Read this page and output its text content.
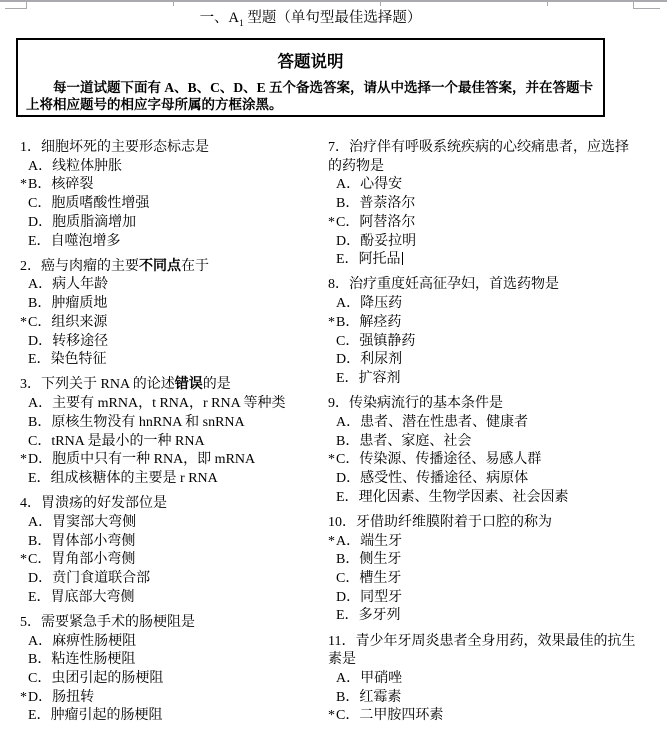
一、$A_1$ 型题（单句型最佳选择题）
答题说明
每一道试题下面有 A、B、C、D、E 五个备选答案，请从中选择一个最佳答案，并在答题卡上将相应题号的相应字母所属的方框涂黑。
1．细胞坏死的主要形态标志是
A．线粒体肿胀
*B．核碎裂
C．胞质嗜酸性增强
D．胞质脂滴增加
E．自噬泡增多
2．癌与肉瘤的主要不同点在于
A．病人年龄
B．肿瘤质地
*C．组织来源
D．转移途径
E．染色特征
3．下列关于 RNA 的论述错误的是
A．主要有 mRNA，t RNA，r RNA 等种类
B．原核生物没有 hnRNA 和 snRNA
C．tRNA 是最小的一种 RNA
*D．胞质中只有一种 RNA，即 mRNA
E．组成核糖体的主要是 r RNA
4．胃溃疡的好发部位是
A．胃窦部大弯侧
B．胃体部小弯侧
*C．胃角部小弯侧
D．贲门食道联合部
E．胃底部大弯侧
5．需要紧急手术的肠梗阻是
A．麻痹性肠梗阻
B．粘连性肠梗阻
C．虫团引起的肠梗阻
*D．肠扭转
E．肿瘤引起的肠梗阻
7．治疗伴有呼吸系统疾病的心绞痛患者，应选择的药物是
A．心得安
B．普萘洛尔
*C．阿替洛尔
D．酚妥拉明
E．阿托品
8．治疗重度妊高征孕妇，首选药物是
A．降压药
*B．解痉药
C．强镇静药
D．利尿剂
E．扩容剂
9．传染病流行的基本条件是
A．患者、潜在性患者、健康者
B．患者、家庭、社会
*C．传染源、传播途径、易感人群
D．感受性、传播途径、病原体
E．理化因素、生物学因素、社会因素
10．牙借助纤维膜附着于口腔的称为
*A．端生牙
B．侧生牙
C．槽生牙
D．同型牙
E．多牙列
11．青少年牙周炎患者全身用药，效果最佳的抗生素是
A．甲硝唑
B．红霉素
*C．二甲胺四环素
